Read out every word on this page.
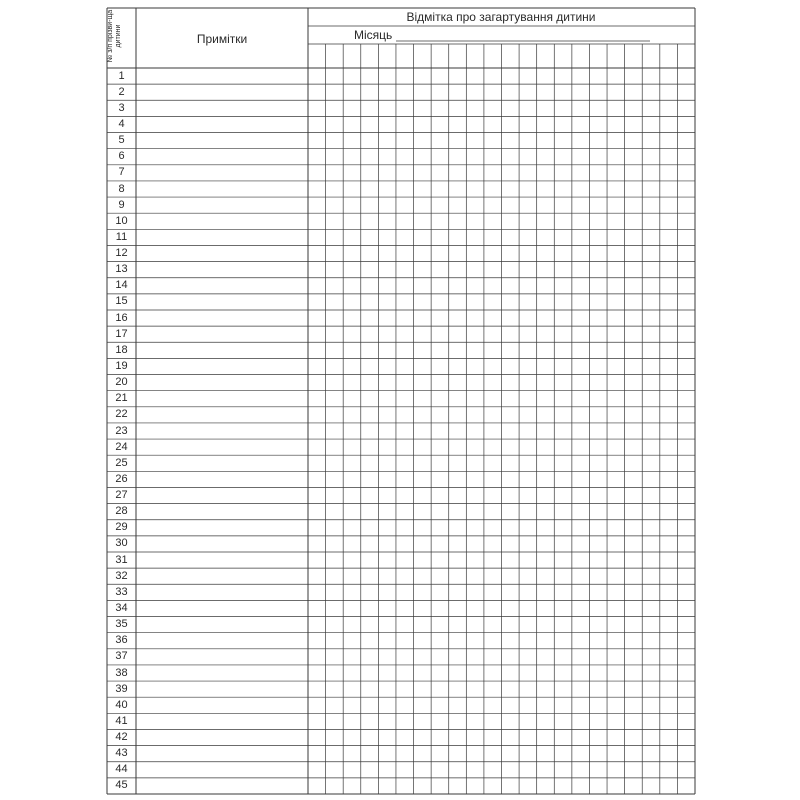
№ з/п прізви-ща дитини	Примітки
Відмітка про загартування дитини
Місяць
1
2
3
4
5
6
7
8
9
10
11
12
13
14
15
16
17
18
19
20
21
22
23
24
25
26
27
28
29
30
31
32
33
34
35
36
37
38
39
40
41
42
43
44
45
